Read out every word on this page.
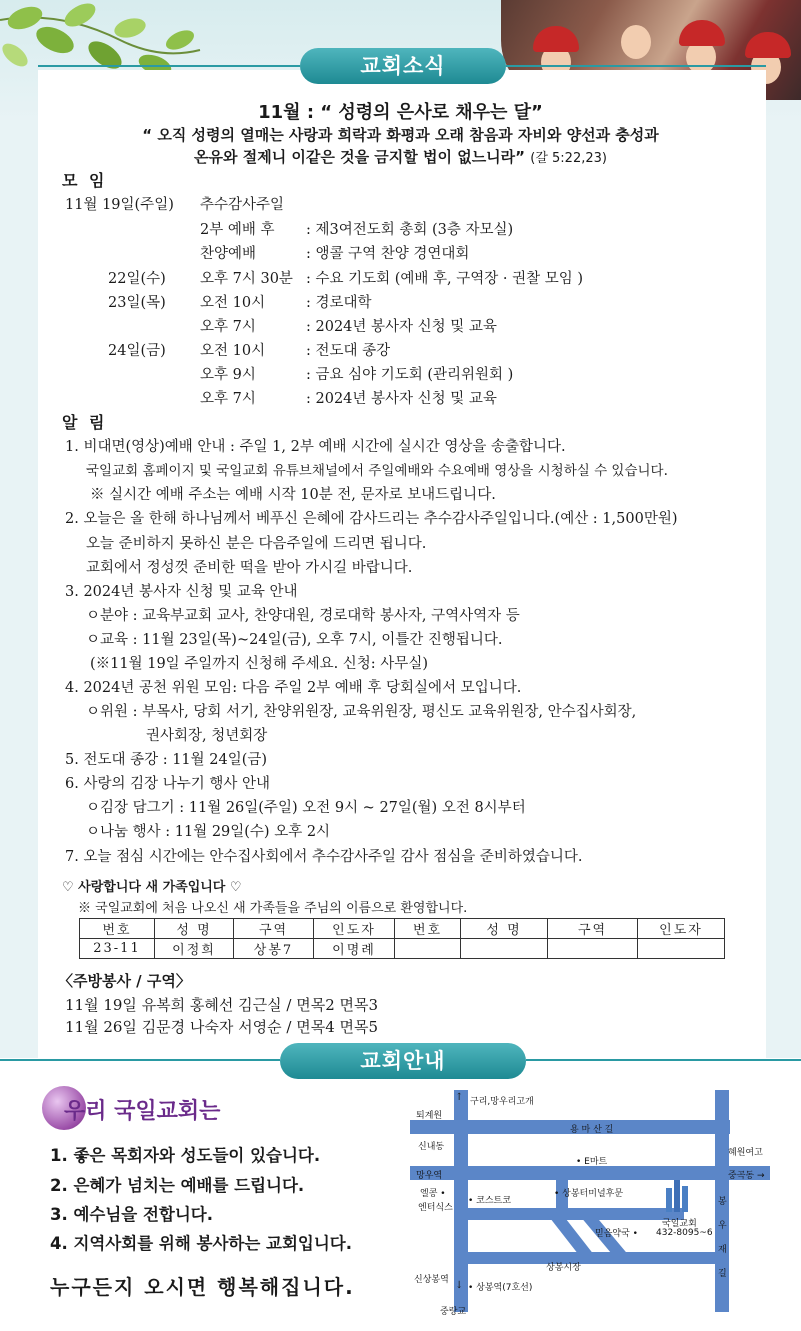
교회소식
11월 : “ 성령의 은사로 채우는 달”
“ 오직 성령의 열매는 사랑과 희락과 화평과 오래 참음과 자비와 양선과 충성과
온유와 절제니 이같은 것을 금지할 법이 없느니라” (갈 5:22,23)
모 임
11월 19일(주일) 추수감사주일
2부 예배 후 : 제3여전도회 총회 (3층 자모실)
찬양예배	: 앵콜 구역 찬양 경연대회
22일(수) 오후 7시 30분 : 수요 기도회 (예배 후, 구역장 · 권찰 모임 )
23일(목) 오전 10시	: 경로대학
오후 7시	: 2024년 봉사자 신청 및 교육
24일(금) 오전 10시	: 전도대 종강
오후 9시	: 금요 심야 기도회 (관리위원회 )
오후 7시	: 2024년 봉사자 신청 및 교육
알 림
1. 비대면(영상)예배 안내 : 주일 1, 2부 예배 시간에 실시간 영상을 송출합니다.
국일교회 홈페이지 및 국일교회 유튜브채널에서 주일예배와 수요예배 영상을 시청하실 수 있습니다.
※ 실시간 예배 주소는 예배 시작 10분 전, 문자로 보내드립니다.
2. 오늘은 올 한해 하나님께서 베푸신 은혜에 감사드리는 추수감사주일입니다.(예산 : 1,500만원)
오늘 준비하지 못하신 분은 다음주일에 드리면 됩니다.
교회에서 정성껏 준비한 떡을 받아 가시길 바랍니다.
3. 2024년 봉사자 신청 및 교육 안내
ㅇ분야 : 교육부교회 교사, 찬양대원, 경로대학 봉사자, 구역사역자 등
ㅇ교육 : 11월 23일(목)~24일(금), 오후 7시, 이틀간 진행됩니다.
(※11월 19일 주일까지 신청해 주세요. 신청: 사무실)
4. 2024년 공천 위원 모임: 다음 주일 2부 예배 후 당회실에서 모입니다.
ㅇ위원 : 부목사, 당회 서기, 찬양위원장, 교육위원장, 평신도 교육위원장, 안수집사회장,
권사회장, 청년회장
5. 전도대 종강 : 11월 24일(금)
6. 사랑의 김장 나누기 행사 안내
ㅇ김장 담그기 : 11월 26일(주일) 오전 9시 ~ 27일(월) 오전 8시부터
ㅇ나눔 행사 : 11월 29일(수) 오후 2시
7. 오늘 점심 시간에는 안수집사회에서 추수감사주일 감사 점심을 준비하였습니다.
♡ 사랑합니다 새 가족입니다 ♡
※ 국일교회에 처음 나오신 새 가족들을 주님의 이름으로 환영합니다.
번호	성 명	구역	인도자	번호	성 명	구역	인도자
23-11	이정희	상봉7	이명례				
〈주방봉사 / 구역〉
11월 19일 유복희 홍혜선 김근실 / 면목2 면목3
11월 26일 김문경 나숙자 서영순 / 면목4 면목5
교회안내
우리 국일교회는
1. 좋은 목회자와 성도들이 있습니다.
2. 은혜가 넘치는 예배를 드립니다.
3. 예수님을 전합니다.
4. 지역사회를 위해 봉사하는 교회입니다.
누구든지 오시면 행복해집니다.
구리,망우리고개
↑
퇴계원
용 마 산 길
신내동
• E마트
혜원여고
망우역	중곡동 →
엘콩 •
엔터식스
• 코스트코
• 상봉터미널후문
믿음약국 •
국일교회
432-8095~6
봉
우
재
길
신상봉역
상봉시장
• 상봉역(7호선)
↓
중랑교
